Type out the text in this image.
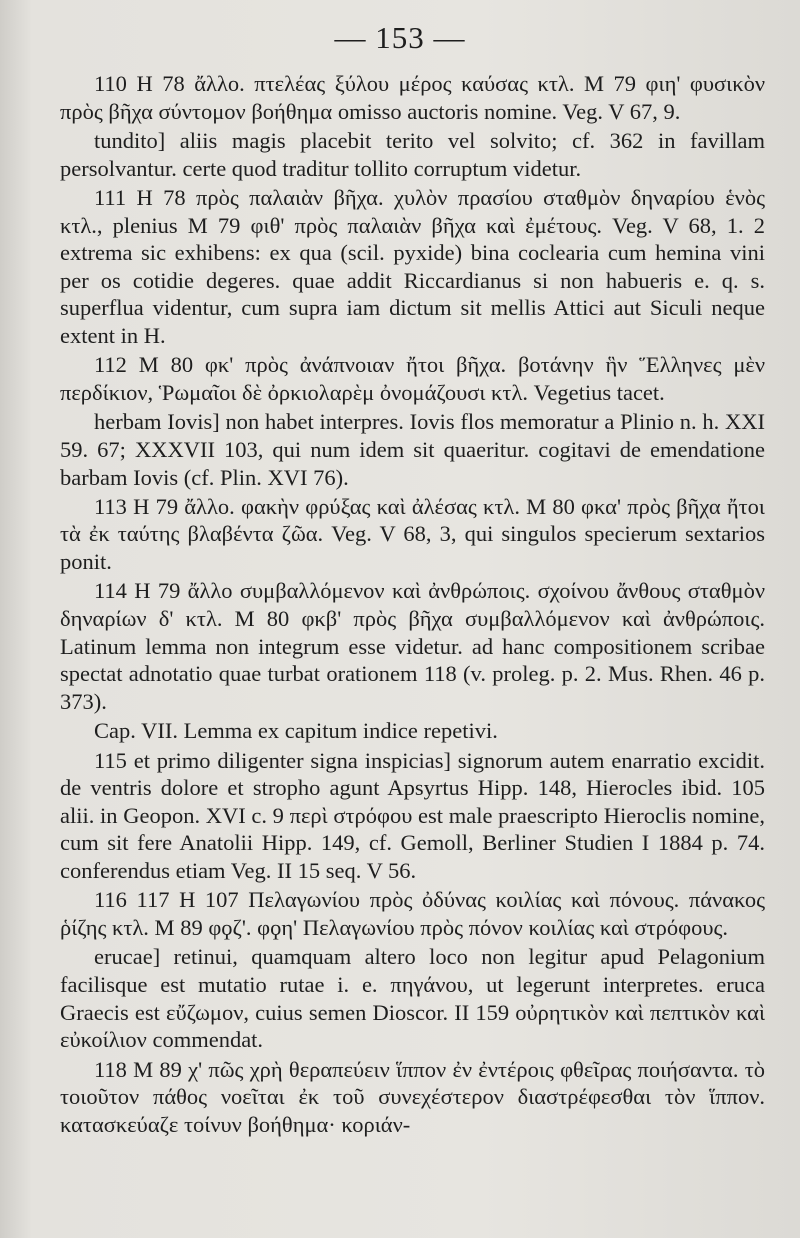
— 153 —

110 H 78 ἄλλο. πτελέας ξύλου μέρος καύσας κτλ. M 79 φιη' φυσικὸν πρὸς βῆχα σύντομον βοήθημα omisso auctoris nomine. Veg. V 67, 9.

tundito] aliis magis placebit terito vel solvito; cf. 362 in favillam persolvantur. certe quod traditur tollito corruptum videtur.

111 H 78 πρὸς παλαιὰν βῆχα. χυλὸν πρασίου σταθμὸν δηναρίου ἑνὸς κτλ., plenius M 79 φιθ' πρὸς παλαιὰν βῆχα καὶ ἐμέτους. Veg. V 68, 1. 2 extrema sic exhibens: ex qua (scil. pyxide) bina coclearia cum hemina vini per os cotidie degeres. quae addit Riccardianus si non habueris e. q. s. superflua videntur, cum supra iam dictum sit mellis Attici aut Siculi neque extent in H.

112 M 80 φκ' πρὸς ἀνάπνοιαν ἤτοι βῆχα. βοτάνην ἣν Ἕλληνες μὲν περδίκιον, Ῥωμαῖοι δὲ ὀρκιολαρὲμ ὀνομάζουσι κτλ. Vegetius tacet.

herbam Iovis] non habet interpres. Iovis flos memoratur a Plinio n. h. XXI 59. 67; XXXVII 103, qui num idem sit quaeritur. cogitavi de emendatione barbam Iovis (cf. Plin. XVI 76).

113 H 79 ἄλλο. φακὴν φρύξας καὶ ἀλέσας κτλ. M 80 φκα' πρὸς βῆχα ἤτοι τὰ ἐκ ταύτης βλαβέντα ζῶα. Veg. V 68, 3, qui singulos specierum sextarios ponit.

114 H 79 ἄλλο συμβαλλόμενον καὶ ἀνθρώποις. σχοίνου ἄνθους σταθμὸν δηναρίων δ' κτλ. M 80 φκβ' πρὸς βῆχα συμβαλλόμενον καὶ ἀνθρώποις. Latinum lemma non integrum esse videtur. ad hanc compositionem scribae spectat adnotatio quae turbat orationem 118 (v. proleg. p. 2. Mus. Rhen. 46 p. 373).

Cap. VII. Lemma ex capitum indice repetivi.

115 et primo diligenter signa inspicias] signorum autem enarratio excidit. de ventris dolore et stropho agunt Apsyrtus Hipp. 148, Hierocles ibid. 105 alii. in Geopon. XVI c. 9 περὶ στρόφου est male praescripto Hieroclis nomine, cum sit fere Anatolii Hipp. 149, cf. Gemoll, Berliner Studien I 1884 p. 74. conferendus etiam Veg. II 15 seq. V 56.

116 117 H 107 Πελαγωνίου πρὸς ὀδύνας κοιλίας καὶ πόνους. πάνακος ῥίζης κτλ. M 89 φϙζ'. φϙη' Πελαγωνίου πρὸς πόνον κοιλίας καὶ στρόφους.

erucae] retinui, quamquam altero loco non legitur apud Pelagonium facilisque est mutatio rutae i. e. πηγάνου, ut legerunt interpretes. eruca Graecis est εὔζωμον, cuius semen Dioscor. II 159 οὐρητικὸν καὶ πεπτικὸν καὶ εὐκοίλιον commendat.

118 M 89 χ' πῶς χρὴ θεραπεύειν ἵππον ἐν ἐντέροις φθεῖρας ποιήσαντα. τὸ τοιοῦτον πάθος νοεῖται ἐκ τοῦ συνεχέστερον διαστρέφεσθαι τὸν ἵππον. κατασκεύαζε τοίνυν βοήθημα· κοριάν-
